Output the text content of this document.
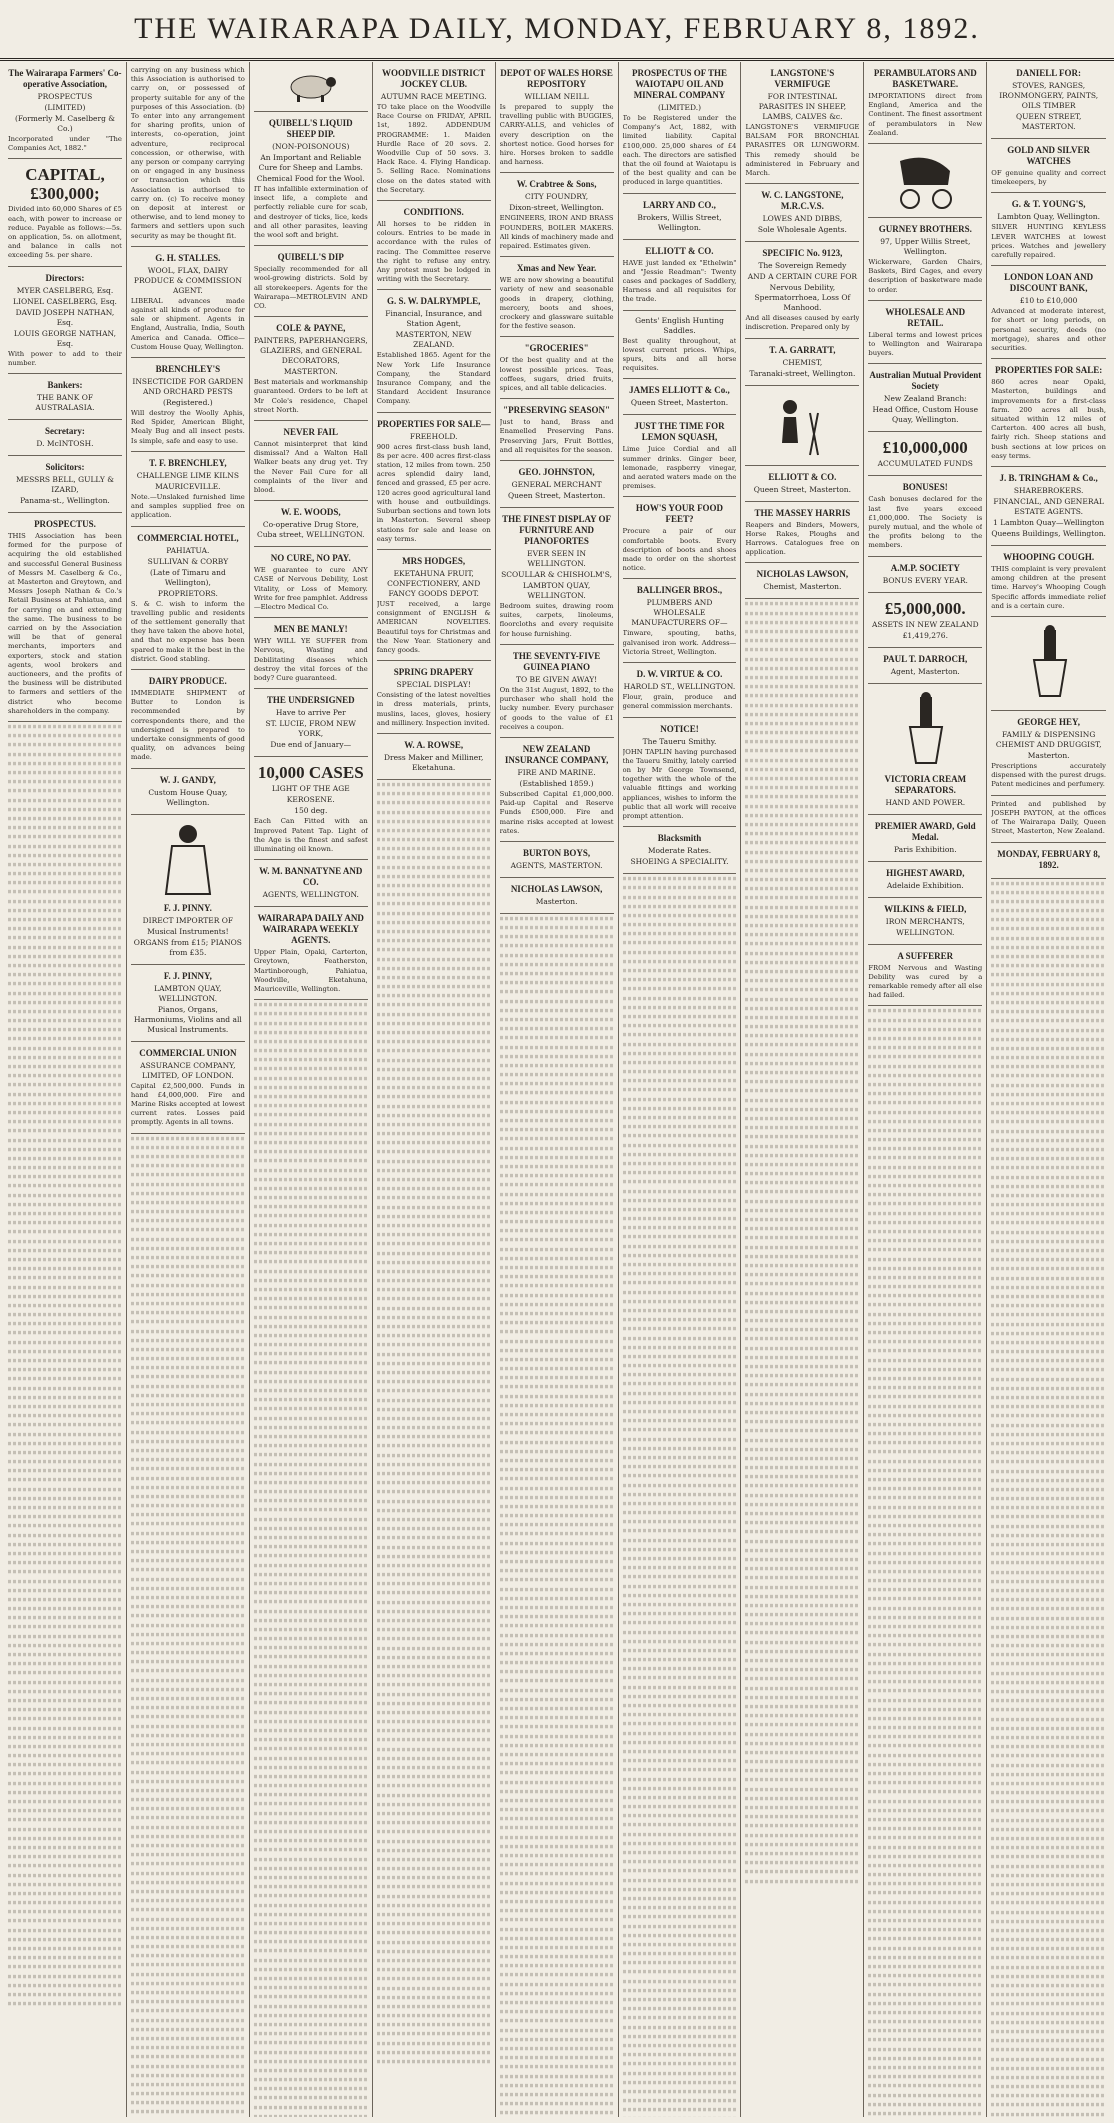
THE WAIRARAPA DAILY, MONDAY, FEBRUARY 8, 1892.
The Wairarapa Farmers' Co-operative Association,
PROSPECTUS
(LIMITED)
(Formerly M. Caselberg & Co.)

Incorporated under "The Companies Act, 1882."

CAPITAL, £300,000;

Divided into 60,000 Shares of £5 each, with power to increase or reduce. Payable as follows:—5s. on application, 5s. on allotment, and balance in calls not exceeding 5s. per share.

Directors:
MYER CASELBERG, Esq.
LIONEL CASELBERG, Esq.
DAVID JOSEPH NATHAN, Esq.
LOUIS GEORGE NATHAN, Esq.

With power to add to their number.

Bankers:
THE BANK OF AUSTRALASIA.
Secretary:
D. McINTOSH.
Solicitors:
MESSRS BELL, GULLY & IZARD,
Panama-st., Wellington.
PROSPECTUS.

THIS Association has been formed for the purpose of acquiring the old established and successful General Business of Messrs M. Caselberg & Co., at Masterton and Greytown, and Messrs Joseph Nathan & Co.'s Retail Business at Pahiatua, and for carrying on and extending the same. The business to be carried on by the Association will be that of general merchants, importers and exporters, stock and station agents, wool brokers and auctioneers, and the profits of the business will be distributed to farmers and settlers of the district who become shareholders in the company.

carrying on any business which this Association is authorised to carry on, or possessed of property suitable for any of the purposes of this Association. (b) To enter into any arrangement for sharing profits, union of interests, co-operation, joint adventure, reciprocal concession, or otherwise, with any person or company carrying on or engaged in any business or transaction which this Association is authorised to carry on. (c) To receive money on deposit at interest or otherwise, and to lend money to farmers and settlers upon such security as may be thought fit.

G. H. STALLES.
WOOL, FLAX, DAIRY PRODUCE & COMMISSION AGENT.

LIBERAL advances made against all kinds of produce for sale or shipment. Agents in England, Australia, India, South America and Canada. Office—Custom House Quay, Wellington.

BRENCHLEY'S
INSECTICIDE FOR GARDEN AND ORCHARD PESTS
(Registered.)

Will destroy the Woolly Aphis, Red Spider, American Blight, Mealy Bug and all insect pests. Is simple, safe and easy to use.

T. F. BRENCHLEY,
CHALLENGE LIME KILNS
MAURICEVILLE.

Note.—Unslaked furnished lime and samples supplied free on application.

COMMERCIAL HOTEL,
PAHIATUA.
SULLIVAN & CORBY
(Late of Timaru and Wellington),
PROPRIETORS.

S. & C. wish to inform the travelling public and residents of the settlement generally that they have taken the above hotel, and that no expense has been spared to make it the best in the district. Good stabling.

DAIRY PRODUCE.

IMMEDIATE SHIPMENT of Butter to London is recommended by correspondents there, and the undersigned is prepared to undertake consignments of good quality, on advances being made.

W. J. GANDY,
Custom House Quay, Wellington.
F. J. PINNY.
DIRECT IMPORTER OF
Musical Instruments!
ORGANS from £15; PIANOS from £35.
F. J. PINNY,
LAMBTON QUAY, WELLINGTON.
Pianos, Organs, Harmoniums, Violins and all Musical Instruments.
COMMERCIAL UNION
ASSURANCE COMPANY, LIMITED, OF LONDON.

Capital £2,500,000. Funds in hand £4,000,000. Fire and Marine Risks accepted at lowest current rates. Losses paid promptly. Agents in all towns.

QUIBELL'S LIQUID SHEEP DIP.
(NON-POISONOUS)
An Important and Reliable Cure for Sheep and Lambs.
Chemical Food for the Wool.

IT has infallible extermination of insect life, a complete and perfectly reliable cure for scab, and destroyer of ticks, lice, keds and all other parasites, leaving the wool soft and bright.

QUIBELL'S DIP

Specially recommended for all wool-growing districts. Sold by all storekeepers. Agents for the Wairarapa—METROLEVIN AND CO.

COLE & PAYNE,
PAINTERS, PAPERHANGERS, GLAZIERS, and GENERAL DECORATORS,
MASTERTON.

Best materials and workmanship guaranteed. Orders to be left at Mr Cole's residence, Chapel street North.

NEVER FAIL

Cannot misinterpret that kind dismissal? And a Walton Hall Walker beats any drug yet. Try the Never Fail Cure for all complaints of the liver and blood.

W. E. WOODS,
Co-operative Drug Store, Cuba street, WELLINGTON.
NO CURE, NO PAY.

WE guarantee to cure ANY CASE of Nervous Debility, Lost Vitality, or Loss of Memory. Write for free pamphlet. Address—Electro Medical Co.

MEN BE MANLY!

WHY WILL YE SUFFER from Nervous, Wasting and Debilitating diseases which destroy the vital forces of the body? Cure guaranteed.

THE UNDERSIGNED
Have to arrive Per
ST. LUCIE, FROM NEW YORK,
Due end of January—
10,000 CASES
LIGHT OF THE AGE
KEROSENE.
150 deg.

Each Can Fitted with an Improved Patent Tap. Light of the Age is the finest and safest illuminating oil known.

W. M. BANNATYNE AND CO.
AGENTS, WELLINGTON.
WAIRARAPA DAILY AND WAIRARAPA WEEKLY AGENTS.

Upper Plain, Opaki, Carterton, Greytown, Featherston, Martinborough, Pahiatua, Woodville, Eketahuna, Mauriceville, Wellington.

WOODVILLE DISTRICT JOCKEY CLUB.
AUTUMN RACE MEETING.

TO take place on the Woodville Race Course on FRIDAY, APRIL 1st, 1892. ADDENDUM PROGRAMME: 1. Maiden Hurdle Race of 20 sovs. 2. Woodville Cup of 50 sovs. 3. Hack Race. 4. Flying Handicap. 5. Selling Race. Nominations close on the dates stated with the Secretary.

CONDITIONS.

All horses to be ridden in colours. Entries to be made in accordance with the rules of racing. The Committee reserve the right to refuse any entry. Any protest must be lodged in writing with the Secretary.

G. S. W. DALRYMPLE,
Financial, Insurance, and Station Agent,
MASTERTON, NEW ZEALAND.

Established 1865. Agent for the New York Life Insurance Company, the Standard Insurance Company, and the Standard Accident Insurance Company.

PROPERTIES FOR SALE—
FREEHOLD.

900 acres first-class bush land, 8s per acre. 400 acres first-class station, 12 miles from town. 250 acres splendid dairy land, fenced and grassed, £5 per acre. 120 acres good agricultural land with house and outbuildings. Suburban sections and town lots in Masterton. Several sheep stations for sale and lease on easy terms.

MRS HODGES,
EKETAHUNA FRUIT, CONFECTIONERY, AND FANCY GOODS DEPOT.

JUST received, a large consignment of ENGLISH & AMERICAN NOVELTIES. Beautiful toys for Christmas and the New Year. Stationery and fancy goods.

SPRING DRAPERY
SPECIAL DISPLAY!

Consisting of the latest novelties in dress materials, prints, muslins, laces, gloves, hosiery and millinery. Inspection invited.

W. A. ROWSE,
Dress Maker and Milliner, Eketahuna.
DEPOT OF WALES HORSE REPOSITORY
WILLIAM NEILL

Is prepared to supply the travelling public with BUGGIES, CARRY-ALLS, and vehicles of every description on the shortest notice. Good horses for hire. Horses broken to saddle and harness.

W. Crabtree & Sons,
CITY FOUNDRY,
Dixon-street, Wellington.

ENGINEERS, IRON AND BRASS FOUNDERS, BOILER MAKERS. All kinds of machinery made and repaired. Estimates given.

Xmas and New Year.

WE are now showing a beautiful variety of new and seasonable goods in drapery, clothing, mercery, boots and shoes, crockery and glassware suitable for the festive season.

"GROCERIES"

Of the best quality and at the lowest possible prices. Teas, coffees, sugars, dried fruits, spices, and all table delicacies.

"PRESERVING SEASON"

Just to hand, Brass and Enamelled Preserving Pans. Preserving Jars, Fruit Bottles, and all requisites for the season.

GEO. JOHNSTON,
GENERAL MERCHANT
Queen Street, Masterton.
THE FINEST DISPLAY OF FURNITURE AND PIANOFORTES
EVER SEEN IN WELLINGTON.
SCOULLAR & CHISHOLM'S,
LAMBTON QUAY, WELLINGTON.

Bedroom suites, drawing room suites, carpets, linoleums, floorcloths and every requisite for house furnishing.

THE SEVENTY-FIVE GUINEA PIANO
TO BE GIVEN AWAY!

On the 31st August, 1892, to the purchaser who shall hold the lucky number. Every purchaser of goods to the value of £1 receives a coupon.

NEW ZEALAND INSURANCE COMPANY,
FIRE AND MARINE.
(Established 1859.)

Subscribed Capital £1,000,000. Paid-up Capital and Reserve Funds £500,000. Fire and marine risks accepted at lowest rates.

BURTON BOYS,
AGENTS, MASTERTON.
NICHOLAS LAWSON,
Masterton.
PROSPECTUS OF THE WAIOTAPU OIL AND MINERAL COMPANY
(LIMITED.)

To be Registered under the Company's Act, 1882, with limited liability. Capital £100,000. 25,000 shares of £4 each. The directors are satisfied that the oil found at Waiotapu is of the best quality and can be produced in large quantities.

LARRY AND CO.,
Brokers, Willis Street, Wellington.
ELLIOTT & CO.

HAVE just landed ex "Ethelwin" and "Jessie Readman": Twenty cases and packages of Saddlery, Harness and all requisites for the trade.

Gents' English Hunting Saddles.

Best quality throughout, at lowest current prices. Whips, spurs, bits and all horse requisites.

JAMES ELLIOTT & Co.,
Queen Street, Masterton.
JUST THE TIME FOR LEMON SQUASH,

Lime Juice Cordial and all summer drinks. Ginger beer, lemonade, raspberry vinegar, and aerated waters made on the premises.

HOW'S YOUR FOOD FEET?

Procure a pair of our comfortable boots. Every description of boots and shoes made to order on the shortest notice.

BALLINGER BROS.,
PLUMBERS AND WHOLESALE MANUFACTURERS OF—

Tinware, spouting, baths, galvanised iron work. Address—Victoria Street, Wellington.

D. W. VIRTUE & CO.
HAROLD ST., WELLINGTON.

Flour, grain, produce and general commission merchants.

NOTICE!
The Taueru Smithy.

JOHN TAPLIN having purchased the Taueru Smithy, lately carried on by Mr George Townsend, together with the whole of the valuable fittings and working appliances, wishes to inform the public that all work will receive prompt attention.

Blacksmith
Moderate Rates.
SHOEING A SPECIALITY.
LANGSTONE'S VERMIFUGE
FOR INTESTINAL PARASITES IN SHEEP, LAMBS, CALVES &c.

LANGSTONE'S VERMIFUGE BALSAM FOR BRONCHIAL PARASITES OR LUNGWORM. This remedy should be administered in February and March.

W. C. LANGSTONE, M.R.C.V.S.
LOWES AND DIBBS,
Sole Wholesale Agents.
SPECIFIC No. 9123,
The Sovereign Remedy
AND A CERTAIN CURE FOR
Nervous Debility, Spermatorrhoea, Loss Of Manhood.

And all diseases caused by early indiscretion. Prepared only by

T. A. GARRATT,
CHEMIST,
Taranaki-street, Wellington.
ELLIOTT & CO.
Queen Street, Masterton.
THE MASSEY HARRIS

Reapers and Binders, Mowers, Horse Rakes, Ploughs and Harrows. Catalogues free on application.

NICHOLAS LAWSON,
Chemist, Masterton.
PERAMBULATORS AND BASKETWARE.

IMPORTATIONS direct from England, America and the Continent. The finest assortment of perambulators in New Zealand.

GURNEY BROTHERS.
97, Upper Willis Street, Wellington.

Wickerware, Garden Chairs, Baskets, Bird Cages, and every description of basketware made to order.

WHOLESALE AND RETAIL.

Liberal terms and lowest prices to Wellington and Wairarapa buyers.

Australian Mutual Provident Society
New Zealand Branch:
Head Office, Custom House Quay, Wellington.
£10,000,000
ACCUMULATED FUNDS
BONUSES!

Cash bonuses declared for the last five years exceed £1,000,000. The Society is purely mutual, and the whole of the profits belong to the members.

A.M.P. SOCIETY
BONUS EVERY YEAR.
£5,000,000.
ASSETS IN NEW ZEALAND
£1,419,276.
PAUL T. DARROCH,
Agent, Masterton.
VICTORIA CREAM SEPARATORS.
HAND AND POWER.
PREMIER AWARD, Gold Medal.
Paris Exhibition.
HIGHEST AWARD,
Adelaide Exhibition.
WILKINS & FIELD,
IRON MERCHANTS,
WELLINGTON.
A SUFFERER

FROM Nervous and Wasting Debility was cured by a remarkable remedy after all else had failed.

DANIELL FOR:
STOVES, RANGES, IRONMONGERY, PAINTS, OILS TIMBER
QUEEN STREET, MASTERTON.
GOLD AND SILVER WATCHES

OF genuine quality and correct timekeepers, by

G. & T. YOUNG'S,
Lambton Quay, Wellington.

SILVER HUNTING KEYLESS LEVER WATCHES at lowest prices. Watches and jewellery carefully repaired.

LONDON LOAN AND DISCOUNT BANK,
£10 to £10,000

Advanced at moderate interest, for short or long periods, on personal security, deeds (no mortgage), shares and other securities.

PROPERTIES FOR SALE:

860 acres near Opaki, Masterton, buildings and improvements for a first-class farm. 200 acres all bush, situated within 12 miles of Carterton. 400 acres all bush, fairly rich. Sheep stations and bush sections at low prices on easy terms.

J. B. TRINGHAM & Co.,
SHAREBROKERS.
FINANCIAL, AND GENERAL ESTATE AGENTS.
1 Lambton Quay—Wellington
Queens Buildings, Wellington.
WHOOPING COUGH.

THIS complaint is very prevalent among children at the present time. Harvey's Whooping Cough Specific affords immediate relief and is a certain cure.

GEORGE HEY,
FAMILY & DISPENSING CHEMIST AND DRUGGIST,
Masterton.

Prescriptions accurately dispensed with the purest drugs. Patent medicines and perfumery.

Printed and published by JOSEPH PAYTON, at the offices of The Wairarapa Daily, Queen Street, Masterton, New Zealand.

MONDAY, FEBRUARY 8, 1892.
